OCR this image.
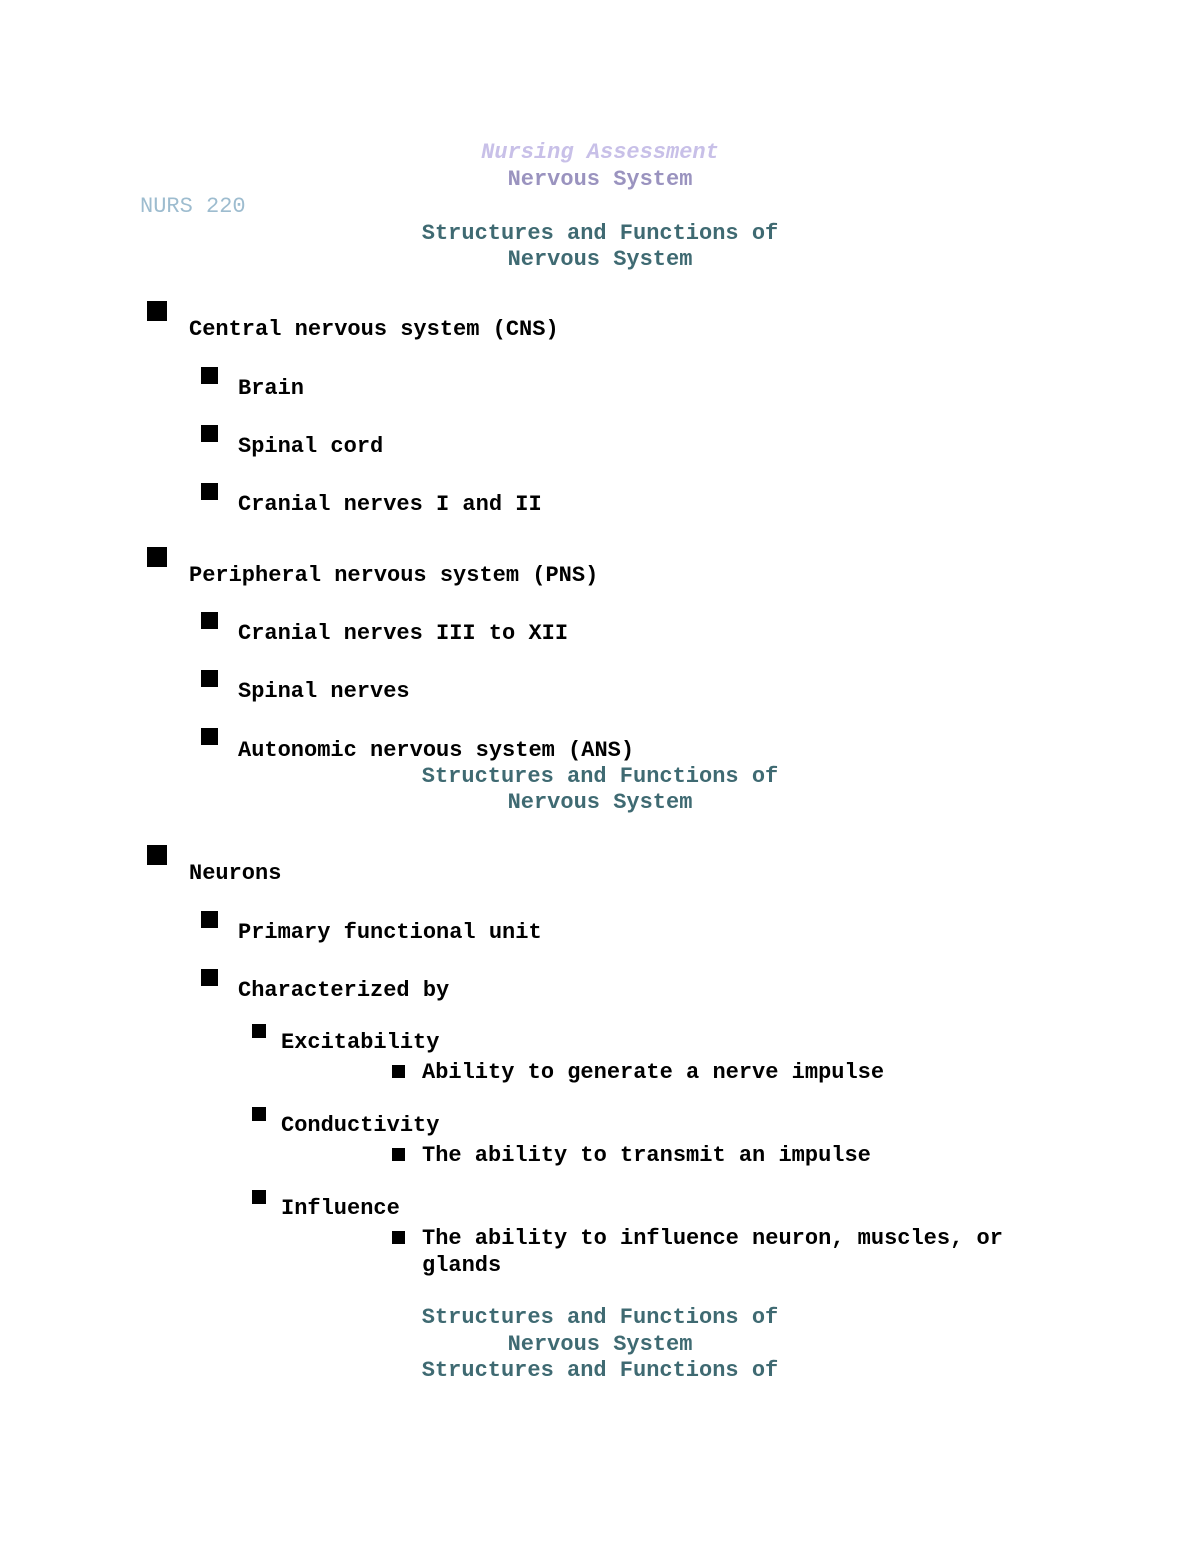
Nursing Assessment
Nervous System
NURS 220
Structures and Functions of
Nervous System
Central nervous system (CNS)
Brain
Spinal cord
Cranial nerves I and II
Peripheral nervous system (PNS)
Cranial nerves III to XII
Spinal nerves
Autonomic nervous system (ANS)
Structures and Functions of
Nervous System
Neurons
Primary functional unit
Characterized by
Excitability
Ability to generate a nerve impulse
Conductivity
The ability to transmit an impulse
Influence
The ability to influence neuron, muscles, or
glands
Structures and Functions of
Nervous System
Structures and Functions of
